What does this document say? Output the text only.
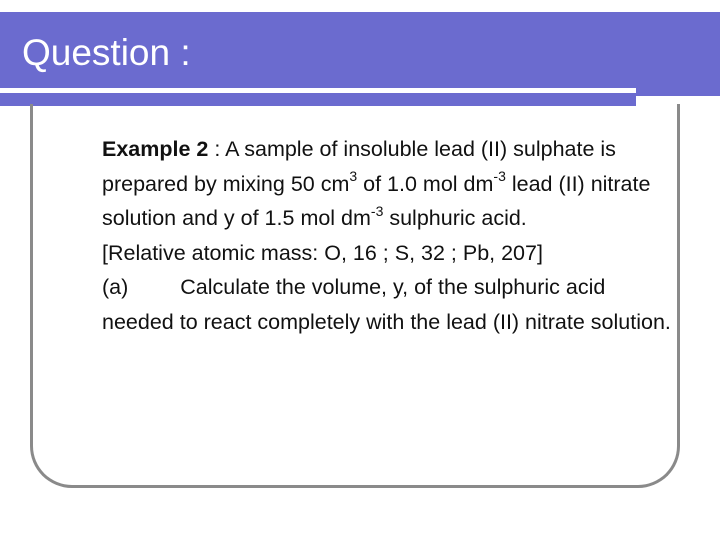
Question :

Example 2 : A sample of insoluble lead (II) sulphate is prepared by mixing 50 $cm^3$ of 1.0 mol $dm^{-3}$ lead (II) nitrate solution and y of 1.5 mol $dm^{-3}$ sulphuric acid.

[Relative atomic mass: O, 16 ; S, 32 ; Pb, 207]

(a) Calculate the volume, y, of the sulphuric acid needed to react completely with the lead (II) nitrate solution.
